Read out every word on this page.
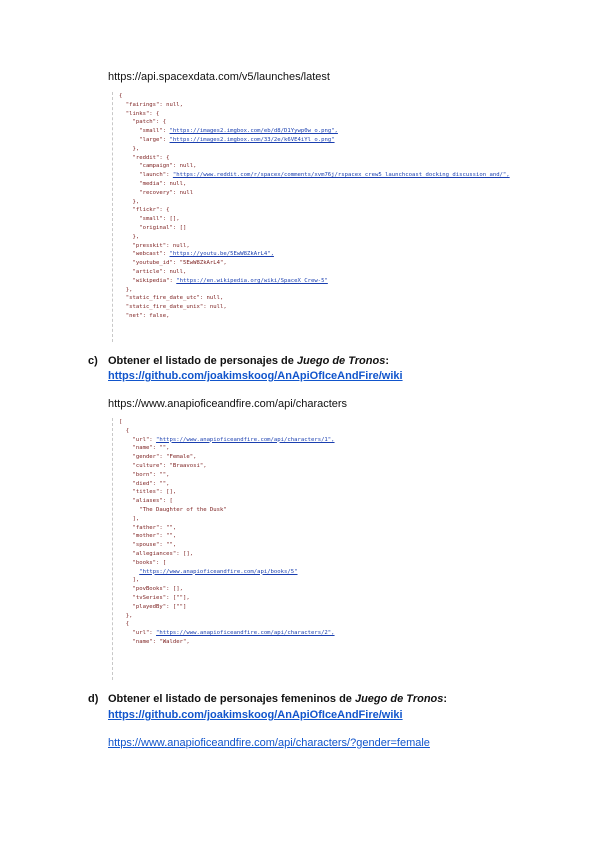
https://api.spacexdata.com/v5/launches/latest
{
"fairings": null,
"links": {
"patch": {
"small": "https://images2.imgbox.com/eb/d8/D1Yywp0w_o.png",
"large": "https://images2.imgbox.com/33/2e/k6VE4iYl_o.png"
},
"reddit": {
"campaign": null,
"launch": "https://www.reddit.com/r/spacex/comments/xvm76j/rspacex_crew5_launchcoast_docking_discussion_and/",
"media": null,
"recovery": null
},
"flickr": {
"small": [],
"original": []
},
"presskit": null,
"webcast": "https://youtu.be/5EwW8ZkArL4",
"youtube_id": "5EwW8ZkArL4",
"article": null,
"wikipedia": "https://en.wikipedia.org/wiki/SpaceX_Crew-5"
},
"static_fire_date_utc": null,
"static_fire_date_unix": null,
"net": false,
c) Obtener el listado de personajes de Juego de Tronos:
https://github.com/joakimskoog/AnApiOfIceAndFire/wiki
https://www.anapioficeandfire.com/api/characters
[
{
"url": "https://www.anapioficeandfire.com/api/characters/1",
"name": "",
"gender": "Female",
"culture": "Braavosi",
"born": "",
"died": "",
"titles": [],
"aliases": [
"The Daughter of the Dusk"
],
"father": "",
"mother": "",
"spouse": "",
"allegiances": [],
"books": [
"https://www.anapioficeandfire.com/api/books/5"
],
"povBooks": [],
"tvSeries": [""],
"playedBy": [""]
},
{
"url": "https://www.anapioficeandfire.com/api/characters/2",
"name": "Walder",
d) Obtener el listado de personajes femeninos de Juego de Tronos:
https://github.com/joakimskoog/AnApiOfIceAndFire/wiki
https://www.anapioficeandfire.com/api/characters/?gender=female
